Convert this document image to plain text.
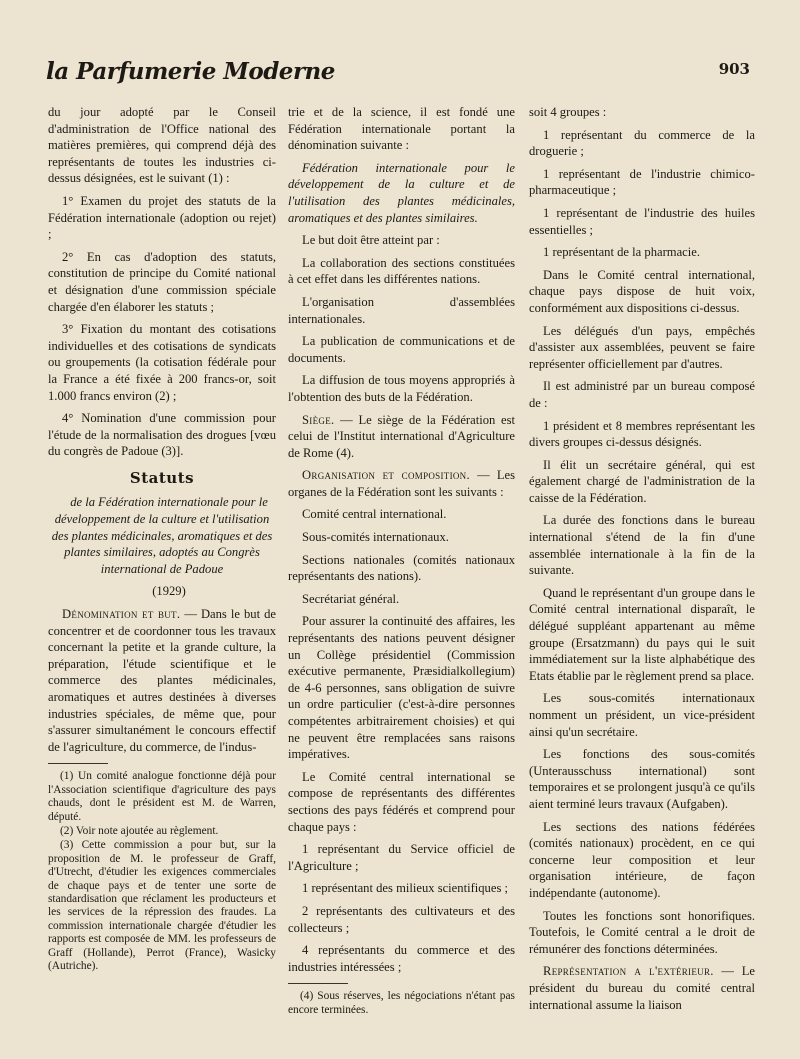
la Parfumerie Moderne	903

du jour adopté par le Conseil d'administration de l'Office national des matières premières, qui comprend déjà des représentants de toutes les industries ci-dessus désignées, est le suivant (1) :

1° Examen du projet des statuts de la Fédération internationale (adoption ou rejet) ;

2° En cas d'adoption des statuts, constitution de principe du Comité national et désignation d'une commission spéciale chargée d'en élaborer les statuts ;

3° Fixation du montant des cotisations individuelles et des cotisations de syndicats ou groupements (la cotisation fédérale pour la France a été fixée à 200 francs-or, soit 1.000 francs environ (2) ;

4° Nomination d'une commission pour l'étude de la normalisation des drogues [vœu du congrès de Padoue (3)].

Statuts

de la Fédération internationale pour le développement de la culture et l'utilisation des plantes médicinales, aromatiques et des plantes similaires, adoptés au Congrès international de Padoue

(1929)

Dénomination et but. — Dans le but de concentrer et de coordonner tous les travaux concernant la petite et la grande culture, la préparation, l'étude scientifique et le commerce des plantes médicinales, aromatiques et autres destinées à diverses industries spéciales, de même que, pour s'assurer simultanément le concours effectif de l'agriculture, du commerce, de l'indus-

(1) Un comité analogue fonctionne déjà pour l'Association scientifique d'agriculture des pays chauds, dont le président est M. de Warren, député.

(2) Voir note ajoutée au règlement.

(3) Cette commission a pour but, sur la proposition de M. le professeur de Graff, d'Utrecht, d'étudier les exigences commerciales de chaque pays et de tenter une sorte de standardisation que réclament les producteurs et les services de la répression des fraudes. La commission internationale chargée d'étudier les rapports est composée de MM. les professeurs de Graff (Hollande), Perrot (France), Wasicky (Autriche).

trie et de la science, il est fondé une Fédération internationale portant la dénomination suivante :

Fédération internationale pour le développement de la culture et de l'utilisation des plantes médicinales, aromatiques et des plantes similaires.

Le but doit être atteint par :

La collaboration des sections constituées à cet effet dans les différentes nations.

L'organisation d'assemblées internationales.

La publication de communications et de documents.

La diffusion de tous moyens appropriés à l'obtention des buts de la Fédération.

Siège. — Le siège de la Fédération est celui de l'Institut international d'Agriculture de Rome (4).

Organisation et composition. — Les organes de la Fédération sont les suivants :

Comité central international.

Sous-comités internationaux.

Sections nationales (comités nationaux représentants des nations).

Secrétariat général.

Pour assurer la continuité des affaires, les représentants des nations peuvent désigner un Collège présidentiel (Commission exécutive permanente, Præsidialkollegium) de 4-6 personnes, sans obligation de suivre un ordre particulier (c'est-à-dire personnes compétentes arbitrairement choisies) et qui ne peuvent être remplacées sans raisons impératives.

Le Comité central international se compose de représentants des différentes sections des pays fédérés et comprend pour chaque pays :

1 représentant du Service officiel de l'Agriculture ;

1 représentant des milieux scientifiques ;

2 représentants des cultivateurs et des collecteurs ;

4 représentants du commerce et des industries intéressées ;

(4) Sous réserves, les négociations n'étant pas encore terminées.

soit 4 groupes :

1 représentant du commerce de la droguerie ;

1 représentant de l'industrie chimico-pharmaceutique ;

1 représentant de l'industrie des huiles essentielles ;

1 représentant de la pharmacie.

Dans le Comité central international, chaque pays dispose de huit voix, conformément aux dispositions ci-dessus.

Les délégués d'un pays, empêchés d'assister aux assemblées, peuvent se faire représenter officiellement par d'autres.

Il est administré par un bureau composé de :

1 président et 8 membres représentant les divers groupes ci-dessus désignés.

Il élit un secrétaire général, qui est également chargé de l'administration de la caisse de la Fédération.

La durée des fonctions dans le bureau international s'étend de la fin d'une assemblée internationale à la fin de la suivante.

Quand le représentant d'un groupe dans le Comité central international disparaît, le délégué suppléant appartenant au même groupe (Ersatzmann) du pays qui le suit immédiatement sur la liste alphabétique des Etats établie par le règlement prend sa place.

Les sous-comités internationaux nomment un président, un vice-président ainsi qu'un secrétaire.

Les fonctions des sous-comités (Unterausschuss international) sont temporaires et se prolongent jusqu'à ce qu'ils aient terminé leurs travaux (Aufgaben).

Les sections des nations fédérées (comités nationaux) procèdent, en ce qui concerne leur composition et leur organisation intérieure, de façon indépendante (autonome).

Toutes les fonctions sont honorifiques. Toutefois, le Comité central a le droit de rémunérer des fonctions déterminées.

Représentation a l'extérieur. — Le président du bureau du comité central international assume la liaison
